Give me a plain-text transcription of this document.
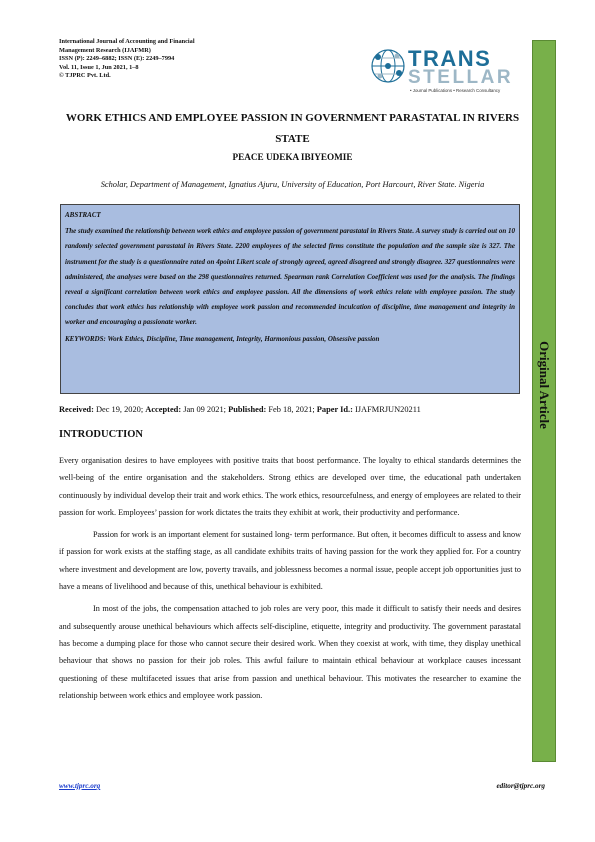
International Journal of Accounting and Financial
Management Research (IJAFMR)
ISSN (P): 2249–6882; ISSN (E): 2249–7994
Vol. 11, Issue 1, Jun 2021, 1–8
© TJPRC Pvt. Ltd.
TRANS
STELLAR
• Journal Publications • Research Consultancy
Original Article
WORK ETHICS AND EMPLOYEE PASSION IN GOVERNMENT PARASTATAL IN RIVERS STATE
PEACE UDEKA IBIYEOMIE
Scholar, Department of Management, Ignatius Ajuru, University of Education, Port Harcourt, River State. Nigeria
ABSTRACT
The study examined the relationship between work ethics and employee passion of government parastatal in Rivers State. A survey study is carried out on 10 randomly selected government parastatal in Rivers State. 2200 employees of the selected firms constitute the population and the sample size is 327. The instrument for the study is a questionnaire rated on 4point Likert scale of strongly agreed, agreed disagreed and strongly disagree. 327 questionnaires were administered, the analyses were based on the 298 questionnaires returned. Spearman rank Correlation Coefficient was used for the analysis. The findings reveal a significant correlation between work ethics and employee passion. All the dimensions of work ethics relate with employee passion. The study concludes that work ethics has relationship with employee work passion and recommended inculcation of discipline, time management and integrity in worker and encouraging a passionate worker.
KEYWORDS: Work Ethics, Discipline, Time management, Integrity, Harmonious passion, Obsessive passion
Received: Dec 19, 2020; Accepted: Jan 09 2021; Published: Feb 18, 2021; Paper Id.: IJAFMRJUN20211
INTRODUCTION

Every organisation desires to have employees with positive traits that boost performance. The loyalty to ethical standards determines the well-being of the entire organisation and the stakeholders. Strong ethics are developed over time, the educational path undertaken continuously by individual develop their trait and work ethics. The work ethics, resourcefulness, and energy of employees are related to their passion for work. Employees’ passion for work dictates the traits they exhibit at work, their productivity and performance.

Passion for work is an important element for sustained long- term performance. But often, it becomes difficult to assess and know if passion for work exists at the staffing stage, as all candidate exhibits traits of having passion for the work they applied for. For a country where investment and development are low, poverty travails, and joblessness becomes a normal issue, people accept job opportunities just to have a means of livelihood and because of this, unethical behaviour is exhibited.

In most of the jobs, the compensation attached to job roles are very poor, this made it difficult to satisfy their needs and desires and subsequently arouse unethical behaviours which affects self-discipline, etiquette, integrity and productivity. The government parastatal has become a dumping place for those who cannot secure their desired work. When they coexist at work, with time, they display unethical behaviour that shows no passion for their job roles. This awful failure to maintain ethical behaviour at workplace causes incessant questioning of these multifaceted issues that arise from passion and unethical behaviour. This motivates the researcher to examine the relationship between work ethics and employee work passion.

www.tjprc.org	editor@tjprc.org
